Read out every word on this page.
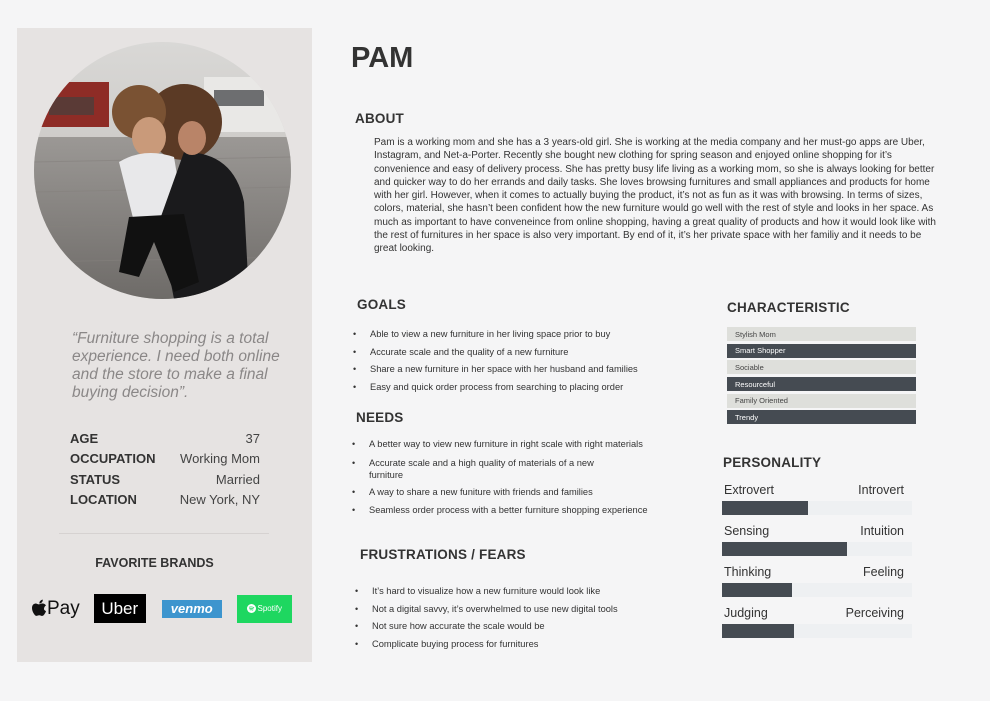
“Furniture shopping is a total experience. I need both online and the store to make a final buying decision”.
AGE	37
OCCUPATION Working Mom
STATUS	Married
LOCATION	New York, NY
FAVORITE BRANDS
Pay Uber	venmo	Spotify
PAM
ABOUT
Pam is a working mom and she has a 3 years-old girl. She is working at the media company and her must-go apps are Uber, Instagram, and Net-a-Porter. Recently she bought new clothing for spring season and enjoyed online shopping for it’s convenience and easy of delivery process. She has pretty busy life living as a working mom, so she is always looking for better and quicker way to do her errands and daily tasks. She loves browsing furnitures and small appliances and products for home with her girl. However, when it comes to actually buying the product, it’s not as fun as it was with browsing. In terms of sizes, colors, material, she hasn’t been confident how the new furniture would go well with the rest of style and looks in her space. As much as important to have conveneince from online shopping, having a great quality of products and how it would look like with the rest of furnitures in her space is also very important. By end of it, it’s her private space with her familiy and it needs to be great looking.
GOALS
• Able to view a new furniture in her living space prior to buy
• Accurate scale and the quality of a new furniture
• Share a new furniture in her space with her husband and families
• Easy and quick order process from searching to placing order
NEEDS
• A better way to view new furniture in right scale with right materials
• Accurate scale and a high quality of materials of a new furniture
• A way to share a new funiture with friends and families
• Seamless order process with a better furniture shopping experience
FRUSTRATIONS / FEARS
• It’s hard to visualize how a new furniture would look like
• Not a digital savvy, it’s overwhelmed to use new digital tools
• Not sure how accurate the scale would be
• Complicate buying process for furnitures
CHARACTERISTIC
Stylish Mom
Smart Shopper
Sociable
Resourceful
Family Oriented
Trendy
PERSONALITY
Extrovert	Introvert
Sensing	Intuition
Thinking	Feeling
Judging	Perceiving
